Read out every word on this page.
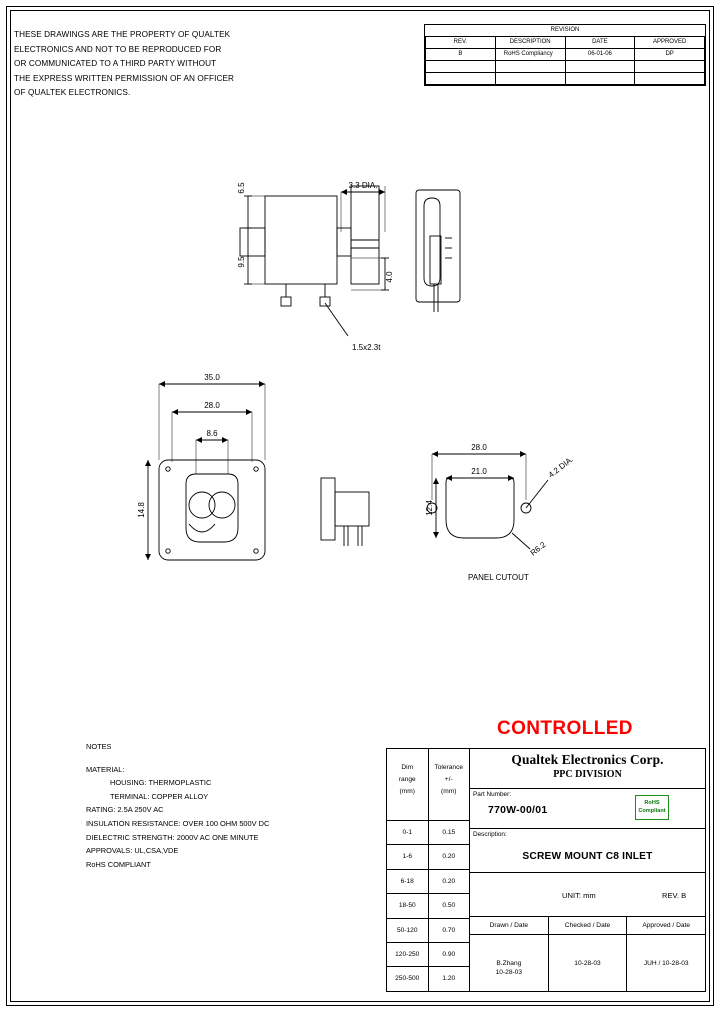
THESE DRAWINGS ARE THE PROPERTY OF QUALTEK
ELECTRONICS AND NOT TO BE REPRODUCED FOR
OR COMMUNICATED TO A THIRD PARTY WITHOUT
THE EXPRESS WRITTEN PERMISSION OF AN OFFICER
OF QUALTEK ELECTRONICS.
REVISION			
REV.	DESCRIPTION	DATE	APPROVED
B	RoHS Compliancy	06-01-06	DP

6.5
9.5
3.3 DIA.
4.0
1.5x2.3t
35.0
28.0
8.6
14.8
28.0
21.0
12.4
4.2 DIA.
R6.2
PANEL CUTOUT
CONTROLLED
NOTES
MATERIAL:
HOUSING: THERMOPLASTIC
TERMINAL: COPPER ALLOY
RATING: 2.5A 250V AC
INSULATION RESISTANCE: OVER 100 OHM 500V DC
DIELECTRIC STRENGTH: 2000V AC ONE MINUTE
APPROVALS: UL,CSA,VDE
RoHS COMPLIANT
Dim
range
(mm)
Tolerance
+/-
(mm)
0-1	0.15
1-6	0.20
6-18	0.20
18-50	0.50
50-120	0.70
120-250	0.90
250-500	1.20
Qualtek Electronics Corp.
PPC DIVISION
Part Number:
770W-00/01
RoHS
Compliant
Description:
SCREW MOUNT C8 INLET
UNIT: mm	REV. B
Drawn / Date	Checked / Date	Approved / Date
B.Zhang
10-28-03
10-28-03	JUH / 10-28-03
